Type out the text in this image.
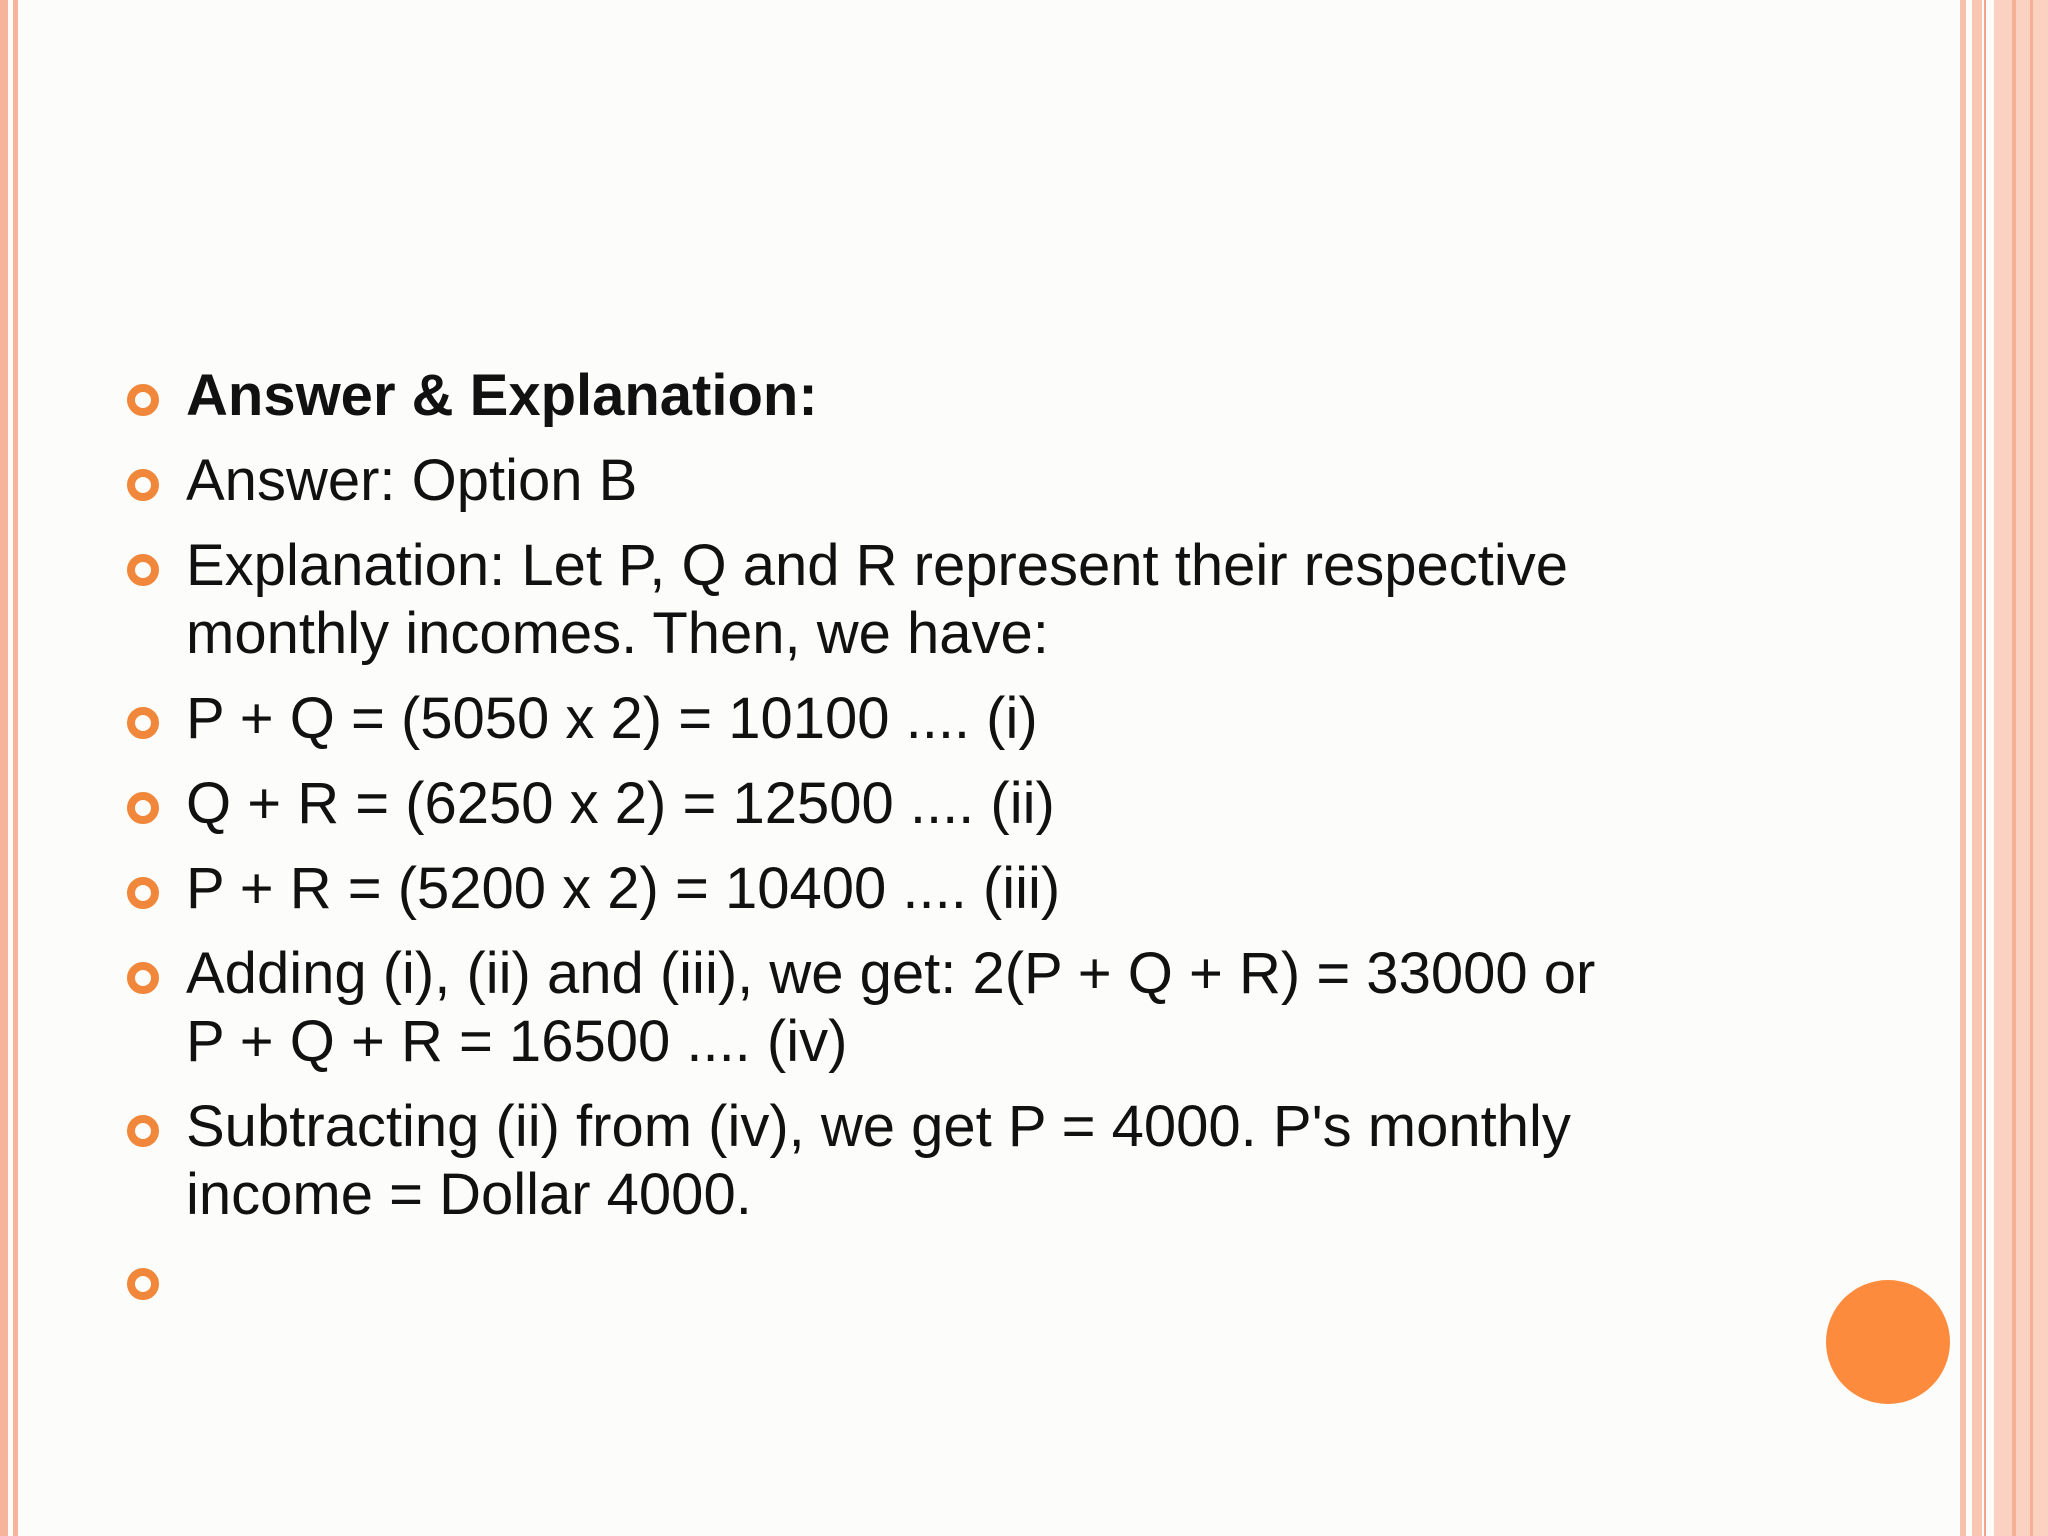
Answer & Explanation:
Answer: Option B
Explanation: Let P, Q and R represent their respective
monthly incomes. Then, we have:
P + Q = (5050 x 2) = 10100 .... (i)
Q + R = (6250 x 2) = 12500 .... (ii)
P + R = (5200 x 2) = 10400 .... (iii)
Adding (i), (ii) and (iii), we get: 2(P + Q + R) = 33000 or
P + Q + R = 16500 .... (iv)
Subtracting (ii) from (iv), we get P = 4000. P's monthly
income = Dollar 4000.
